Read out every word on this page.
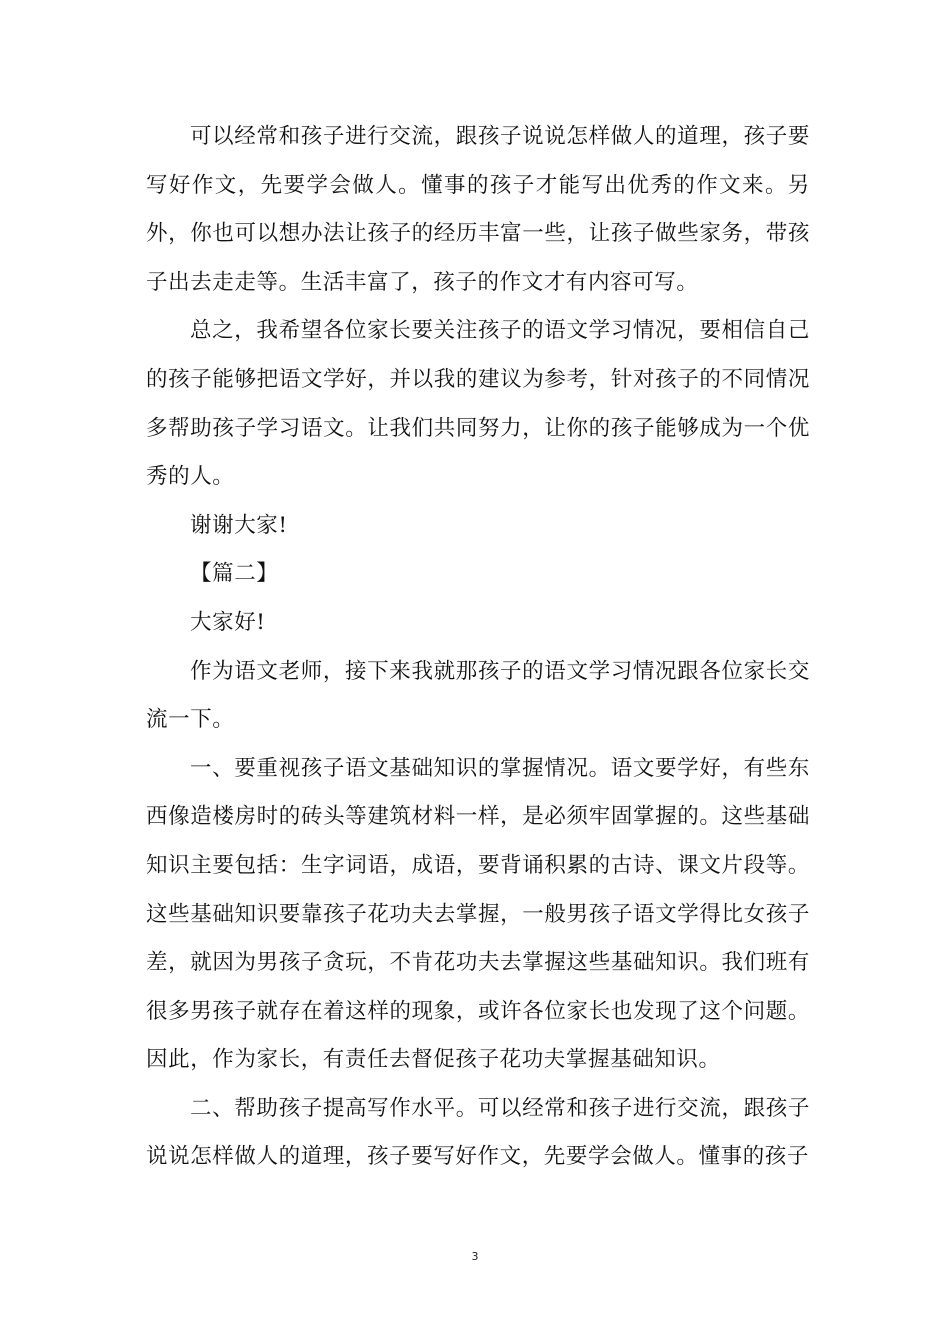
可以经常和孩子进行交流，跟孩子说说怎样做人的道理，孩子要写好作文，先要学会做人。懂事的孩子才能写出优秀的作文来。另外，你也可以想办法让孩子的经历丰富一些，让孩子做些家务，带孩子出去走走等。生活丰富了，孩子的作文才有内容可写。

总之，我希望各位家长要关注孩子的语文学习情况，要相信自己的孩子能够把语文学好，并以我的建议为参考，针对孩子的不同情况多帮助孩子学习语文。让我们共同努力，让你的孩子能够成为一个优秀的人。

谢谢大家!

【篇二】

大家好!

作为语文老师，接下来我就那孩子的语文学习情况跟各位家长交流一下。

一、要重视孩子语文基础知识的掌握情况。语文要学好，有些东西像造楼房时的砖头等建筑材料一样，是必须牢固掌握的。这些基础知识主要包括：生字词语，成语，要背诵积累的古诗、课文片段等。这些基础知识要靠孩子花功夫去掌握，一般男孩子语文学得比女孩子差，就因为男孩子贪玩，不肯花功夫去掌握这些基础知识。我们班有很多男孩子就存在着这样的现象，或许各位家长也发现了这个问题。因此，作为家长，有责任去督促孩子花功夫掌握基础知识。

二、帮助孩子提高写作水平。可以经常和孩子进行交流，跟孩子说说怎样做人的道理，孩子要写好作文，先要学会做人。懂事的孩子

3
